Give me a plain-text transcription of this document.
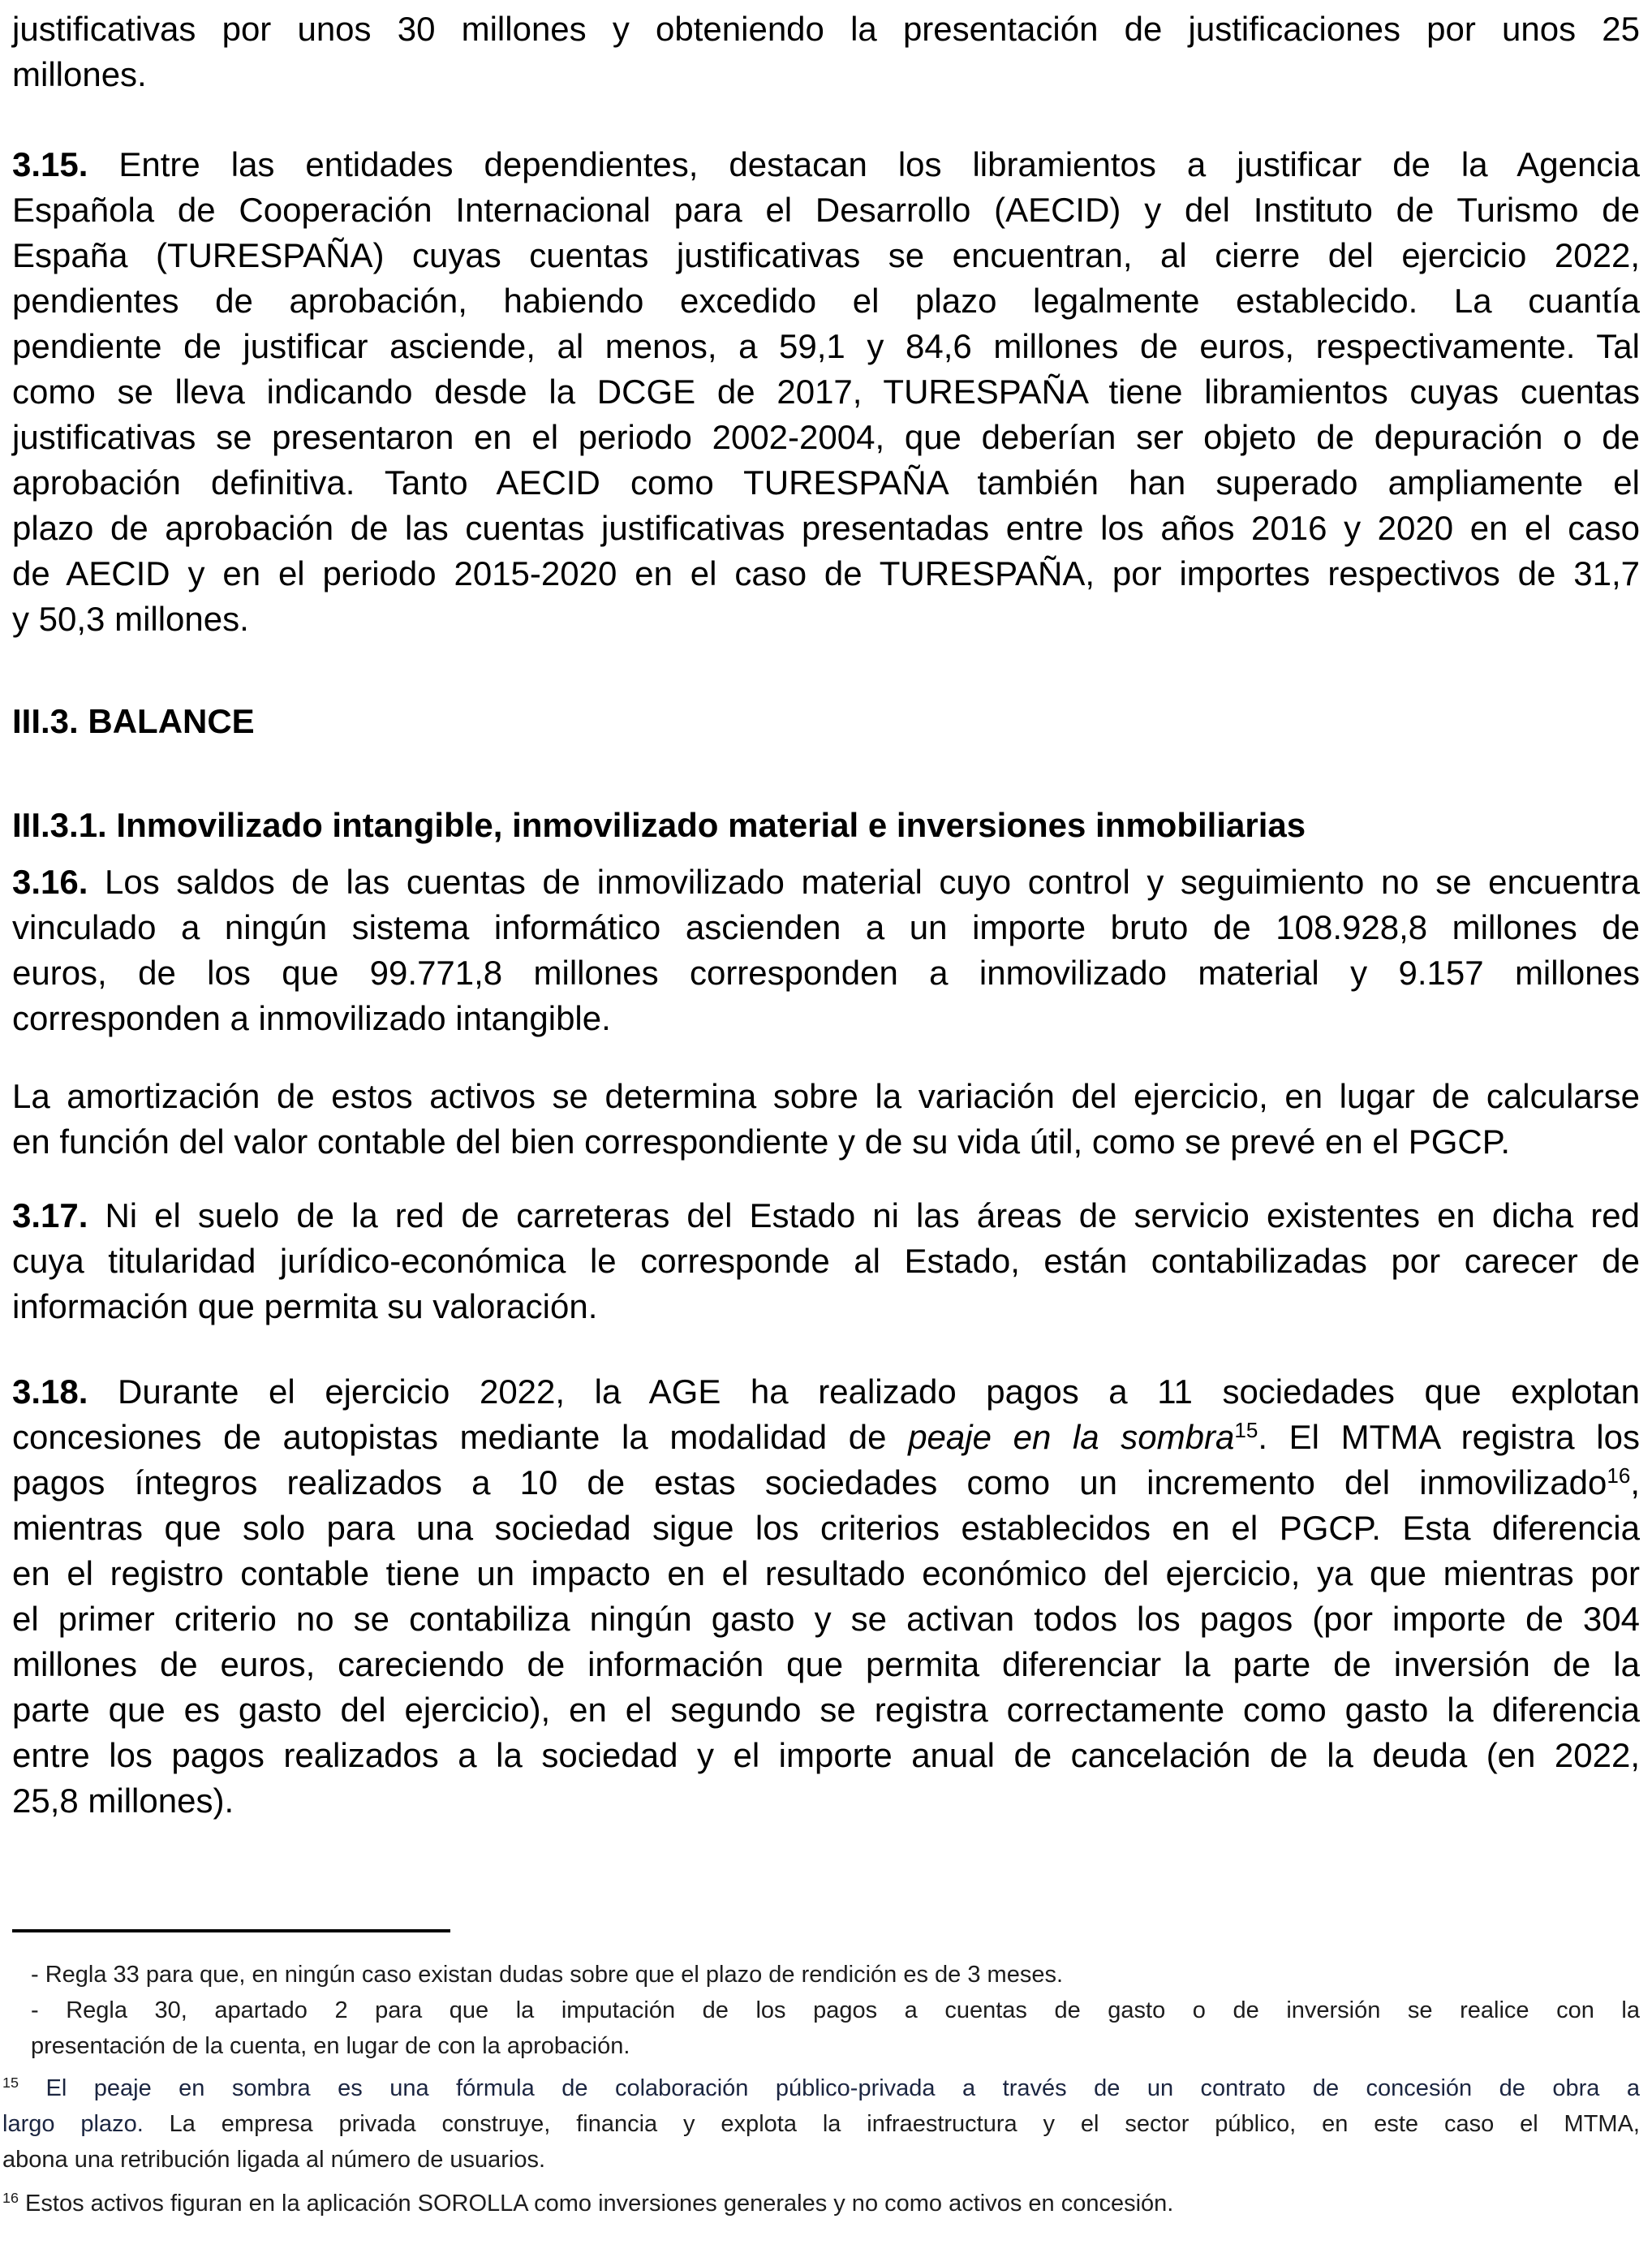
justificativas por unos 30 millones y obteniendo la presentación de justificaciones por unos 25
millones.

3.15. Entre las entidades dependientes, destacan los libramientos a justificar de la Agencia
Española de Cooperación Internacional para el Desarrollo (AECID) y del Instituto de Turismo de
España (TURESPAÑA) cuyas cuentas justificativas se encuentran, al cierre del ejercicio 2022,
pendientes de aprobación, habiendo excedido el plazo legalmente establecido. La cuantía
pendiente de justificar asciende, al menos, a 59,1 y 84,6 millones de euros, respectivamente. Tal
como se lleva indicando desde la DCGE de 2017, TURESPAÑA tiene libramientos cuyas cuentas
justificativas se presentaron en el periodo 2002-2004, que deberían ser objeto de depuración o de
aprobación definitiva. Tanto AECID como TURESPAÑA también han superado ampliamente el
plazo de aprobación de las cuentas justificativas presentadas entre los años 2016 y 2020 en el caso
de AECID y en el periodo 2015-2020 en el caso de TURESPAÑA, por importes respectivos de 31,7
y 50,3 millones.

III.3. BALANCE
III.3.1. Inmovilizado intangible, inmovilizado material e inversiones inmobiliarias

3.16. Los saldos de las cuentas de inmovilizado material cuyo control y seguimiento no se encuentra
vinculado a ningún sistema informático ascienden a un importe bruto de 108.928,8 millones de
euros, de los que 99.771,8 millones corresponden a inmovilizado material y 9.157 millones
corresponden a inmovilizado intangible.

La amortización de estos activos se determina sobre la variación del ejercicio, en lugar de calcularse
en función del valor contable del bien correspondiente y de su vida útil, como se prevé en el PGCP.

3.17. Ni el suelo de la red de carreteras del Estado ni las áreas de servicio existentes en dicha red
cuya titularidad jurídico-económica le corresponde al Estado, están contabilizadas por carecer de
información que permita su valoración.

3.18. Durante el ejercicio 2022, la AGE ha realizado pagos a 11 sociedades que explotan
concesiones de autopistas mediante la modalidad de peaje en la sombra$^{15}$. El MTMA registra los
pagos íntegros realizados a 10 de estas sociedades como un incremento del inmovilizado$^{16}$,
mientras que solo para una sociedad sigue los criterios establecidos en el PGCP. Esta diferencia
en el registro contable tiene un impacto en el resultado económico del ejercicio, ya que mientras por
el primer criterio no se contabiliza ningún gasto y se activan todos los pagos (por importe de 304
millones de euros, careciendo de información que permita diferenciar la parte de inversión de la
parte que es gasto del ejercicio), en el segundo se registra correctamente como gasto la diferencia
entre los pagos realizados a la sociedad y el importe anual de cancelación de la deuda (en 2022,
25,8 millones).

- Regla 33 para que, en ningún caso existan dudas sobre que el plazo de rendición es de 3 meses.

- Regla 30, apartado 2 para que la imputación de los pagos a cuentas de gasto o de inversión se realice con la
presentación de la cuenta, en lugar de con la aprobación.

$^{15}$ El peaje en sombra es una fórmula de colaboración público-privada a través de un contrato de concesión de obra a
largo plazo. La empresa privada construye, financia y explota la infraestructura y el sector público, en este caso el MTMA,
abona una retribución ligada al número de usuarios.

$^{16}$ Estos activos figuran en la aplicación SOROLLA como inversiones generales y no como activos en concesión.
